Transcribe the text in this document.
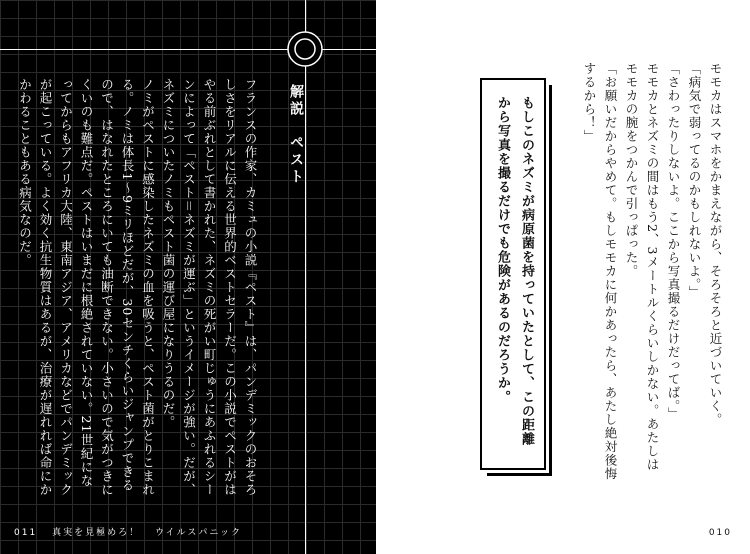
解説　ペスト
フランスの作家、カミュの小説『ペスト』は、パンデミックのおそろしさをリアルに伝える世界的ベストセラーだ。この小説でペストがはやる前ぶれとして書かれた、ネズミの死がい町じゅうにあふれるシーンによって「ペスト＝ネズミが運ぶ」というイメージが強い。だが、ネズミについたノミもペスト菌の運び屋になりうるのだ。
ノミがペストに感染したネズミの血を吸うと、ペスト菌がとりこまれる。ノミは体長1〜9ミリほどだが、30センチくらいジャンプできるので、はなれたところにいても油断できない。小さいので気がつきにくいのも難点だ。ペストはいまだに根絶されていない。21世紀になってからもアフリカ大陸、東南アジア、アメリカなどでパンデミックが起こっている。よく効く抗生物質はあるが、治療が遅れれば命にかかわることもある病気なのだ。
011 真実を見極めろ！ ウイルスパニック
モモカはスマホをかまえながら、そろそろと近づいていく。
「病気で弱ってるのかもしれないよ。」
「さわったりしないよ。ここから写真撮るだけだってば。」
モモカとネズミの間はもう2、3メートルくらいしかない。あたしはモモカの腕をつかんで引っぱった。
「お願いだからやめて。もしモモカに何かあったら、あたし絶対後悔するから！」
もしこのネズミが病原菌を持っていたとして、この距離から写真を撮るだけでも危険があるのだろうか。
010
